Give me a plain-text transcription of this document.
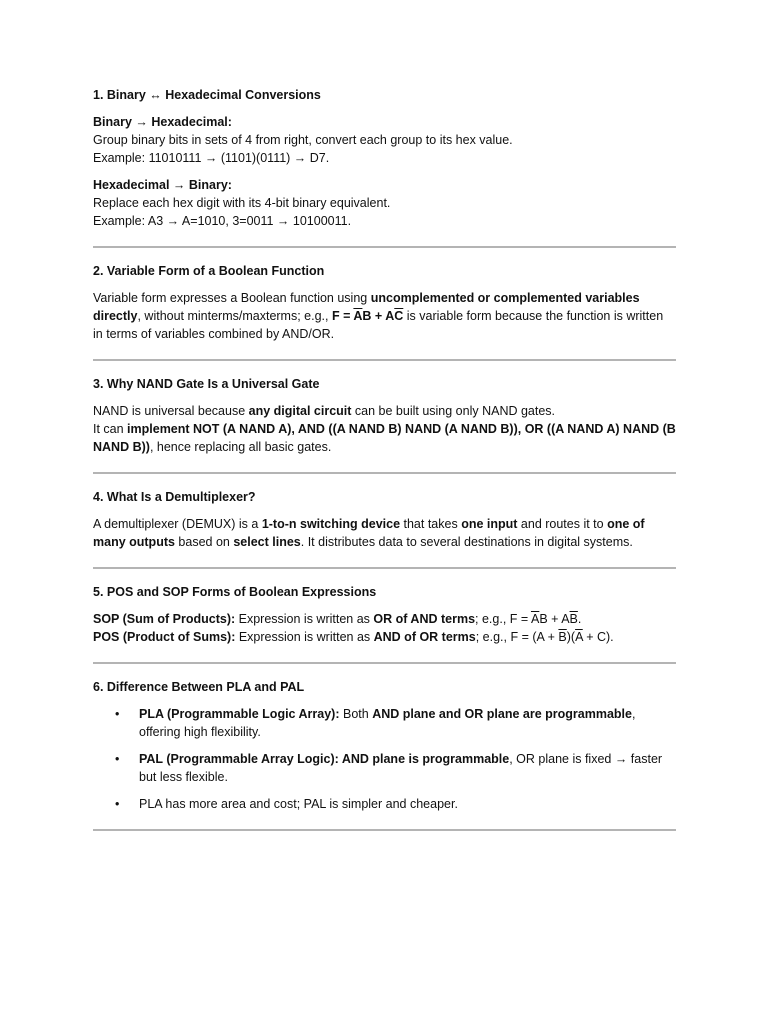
1. Binary ↔ Hexadecimal Conversions

Binary → Hexadecimal:

Group binary bits in sets of 4 from right, convert each group to its hex value.

Example: 11010111 → (1101)(0111) → D7.

Hexadecimal → Binary:

Replace each hex digit with its 4-bit binary equivalent.

Example: A3 → A=1010, 3=0011 → 10100011.

2. Variable Form of a Boolean Function

Variable form expresses a Boolean function using uncomplemented or complemented variables directly, without minterms/maxterms; e.g., $F = \overline{A}B + A\overline{C}$ is variable form because the function is written in terms of variables combined by AND/OR.

3. Why NAND Gate Is a Universal Gate

NAND is universal because any digital circuit can be built using only NAND gates.

It can implement NOT (A NAND A), AND ((A NAND B) NAND (A NAND B)), OR ((A NAND A) NAND (B NAND B)), hence replacing all basic gates.

4. What Is a Demultiplexer?

A demultiplexer (DEMUX) is a 1-to-n switching device that takes one input and routes it to one of many outputs based on select lines. It distributes data to several destinations in digital systems.

5. POS and SOP Forms of Boolean Expressions

SOP (Sum of Products): Expression is written as OR of AND terms; e.g., $F = \overline{A}B + A\overline{B}$.

POS (Product of Sums): Expression is written as AND of OR terms; e.g., $F = (A + \overline{B})(\overline{A} + C)$.

6. Difference Between PLA and PAL

• PLA (Programmable Logic Array): Both AND plane and OR plane are programmable, offering high flexibility.
• PAL (Programmable Array Logic): AND plane is programmable, OR plane is fixed → faster but less flexible.
• PLA has more area and cost; PAL is simpler and cheaper.
